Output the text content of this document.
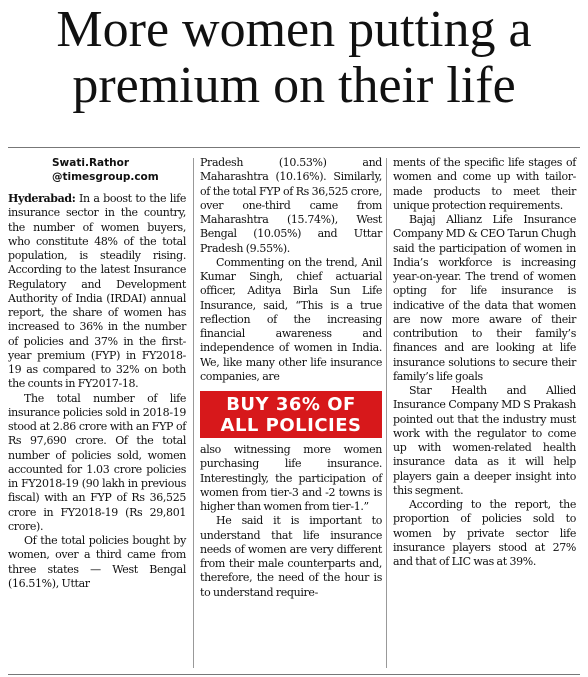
More women putting a
premium on their life
Swati.Rathor
@timesgroup.com

Hyderabad: In a boost to the life insurance sector in the country, the number of women buyers, who constitute 48% of the total population, is steadily rising. According to the latest Insurance Regulatory and Development Authority of India (IRDAI) annual report, the share of women has increased to 36% in the number of policies and 37% in the first-year premium (FYP) in FY2018-19 as compared to 32% on both the counts in FY2017-18.

The total number of life insurance policies sold in 2018-19 stood at 2.86 crore with an FYP of Rs 97,690 crore. Of the total number of policies sold, women accounted for 1.03 crore policies in FY2018-19 (90 lakh in previous fiscal) with an FYP of Rs 36,525 crore in FY2018-19 (Rs 29,801 crore).

Of the total policies bought by women, over a third came from three states — West Bengal (16.51%), Uttar

Pradesh (10.53%) and Maharashtra (10.16%). Similarly, of the total FYP of Rs 36,525 crore, over one-third came from Maharashtra (15.74%), West Bengal (10.05%) and Uttar Pradesh (9.55%).

Commenting on the trend, Anil Kumar Singh, chief actuarial officer, Aditya Birla Sun Life Insurance, said, “This is a true reflection of the increasing financial awareness and independence of women in India. We, like many other life insurance companies, are

BUY 36% OF
ALL POLICIES

also witnessing more women purchasing life insurance. Interestingly, the participation of women from tier-3 and -2 towns is higher than women from tier-1.”

He said it is important to understand that life insurance needs of women are very different from their male counterparts and, therefore, the need of the hour is to understand require-

ments of the specific life stages of women and come up with tailor-made products to meet their unique protection requirements.

Bajaj Allianz Life Insurance Company MD & CEO Tarun Chugh said the participation of women in India’s workforce is increasing year-on-year. The trend of women opting for life insurance is indicative of the data that women are now more aware of their contribution to their family’s finances and are looking at life insurance solutions to secure their family’s life goals

Star Health and Allied Insurance Company MD S Prakash pointed out that the industry must work with the regulator to come up with women-related health insurance data as it will help players gain a deeper insight into this segment.

According to the report, the proportion of policies sold to women by private sector life insurance players stood at 27% and that of LIC was at 39%.
